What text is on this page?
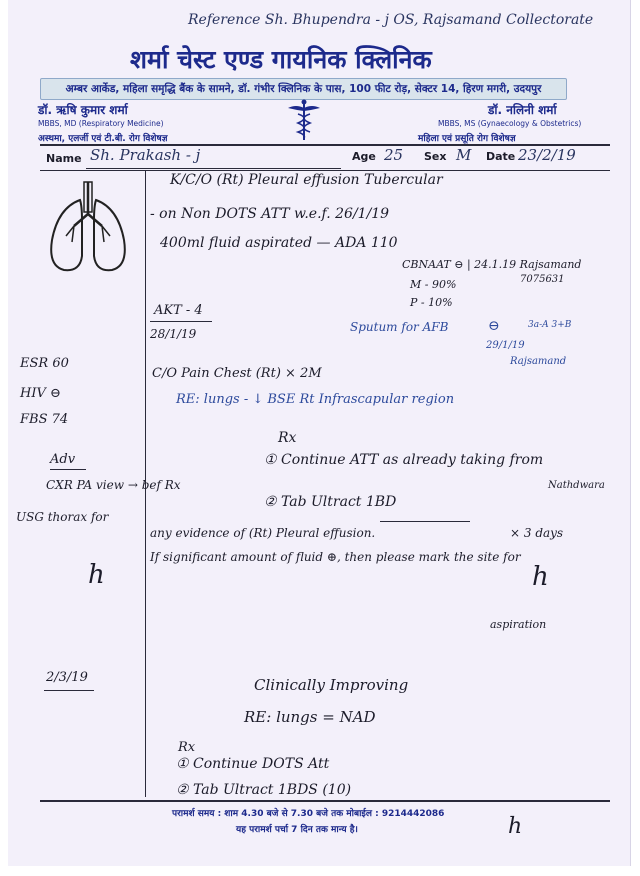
Reference Sh. Bhupendra - j OS, Rajsamand Collectorate
शर्मा चेस्ट एण्ड गायनिक क्लिनिक
अम्बर आर्केड, महिला समृद्धि बैंक के सामने, डॉ. गंभीर क्लिनिक के पास, 100 फीट रोड़, सेक्टर 14, हिरण मगरी, उदयपुर
डॉ. ऋषि कुमार शर्मा
MBBS, MD (Respiratory Medicine)
अस्थमा, एलर्जी एवं टी.बी. रोग विशेषज्ञ
डॉ. नलिनी शर्मा
MBBS, MS (Gynaecology & Obstetrics)
महिला एवं प्रसूति रोग विशेषज्ञ
Name Sh. Prakash - j	Age 25 Sex M Date 23/2/19
K/C/O (Rt) Pleural effusion Tubercular
- on Non DOTS ATT w.e.f. 26/1/19
400ml fluid aspirated — ADA 110
CBNAAT ⊖ | 24.1.19 Rajsamand
7075631
M - 90%
P - 10%
AKT - 4
28/1/19	Sputum for AFB	⊖	3a-A 3+B
29/1/19
Rajsamand
ESR 60
HIV ⊖
FBS 74
C/O Pain Chest (Rt) × 2M
RE: lungs - ↓ BSE Rt Infrascapular region
Rx
Adv
CXR PA view → bef Rx
① Continue ATT as already taking from
Nathdwara
② Tab Ultract 1BD
× 3 days
USG thorax for
any evidence of (Rt) Pleural effusion.
If significant amount of fluid ⊕, then please mark the site for
aspiration
h	h
2/3/19	Clinically Improving
RE: lungs = NAD
Rx
① Continue DOTS Att
② Tab Ultract 1BDS (10)
परामर्श समय : शाम 4.30 बजे से 7.30 बजे तक मोबाईल : 9214442086
यह परामर्श पर्चा 7 दिन तक मान्य है।	h
